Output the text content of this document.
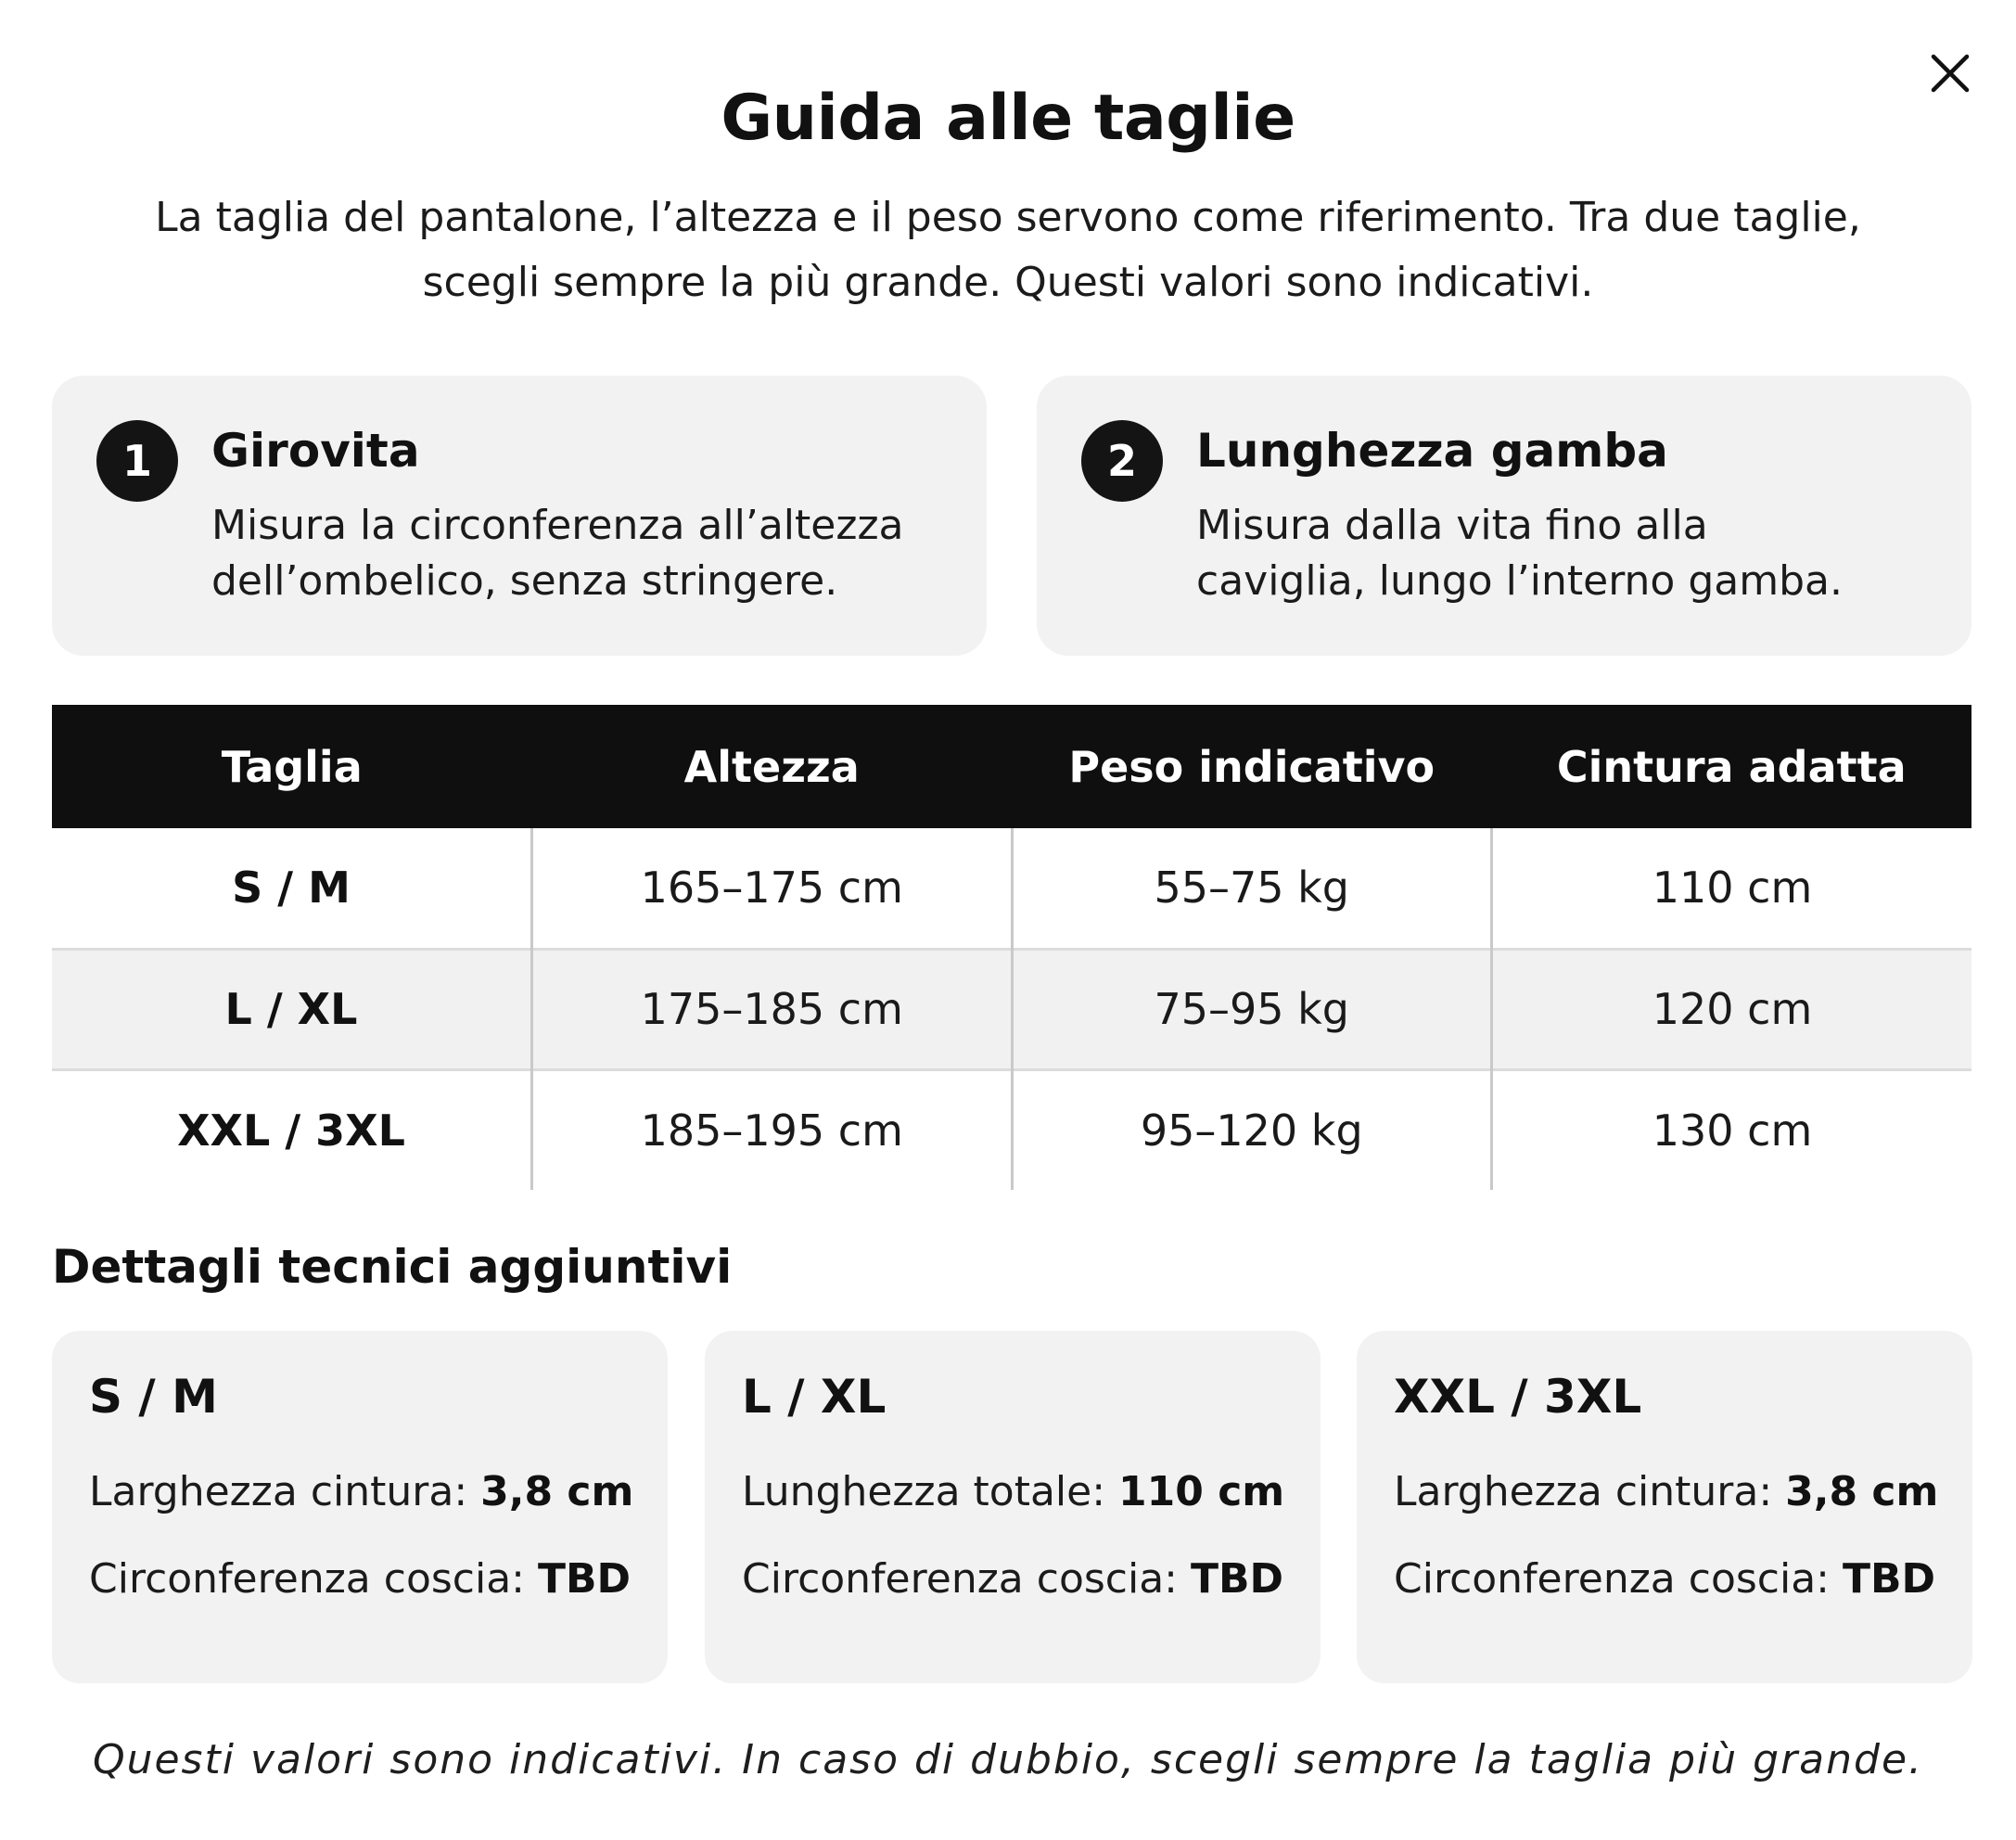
Guida alle taglie

La taglia del pantalone, l’altezza e il peso servono come riferimento. Tra due taglie,
scegli sempre la più grande. Questi valori sono indicativi.

1	Girovita
Misura la circonferenza all’altezza
dell’ombelico, senza stringere.
2	Lunghezza gamba
Misura dalla vita fino alla
caviglia, lungo l’interno gamba.
Taglia	Altezza	Peso indicativo	Cintura adatta
S / M	165–175 cm	55–75 kg	110 cm
L / XL	175–185 cm	75–95 kg	120 cm
XXL / 3XL	185–195 cm	95–120 kg	130 cm
Dettagli tecnici aggiuntivi
S / M
Larghezza cintura: 3,8 cm
Circonferenza coscia: TBD
L / XL
Lunghezza totale: 110 cm
Circonferenza coscia: TBD
XXL / 3XL
Larghezza cintura: 3,8 cm
Circonferenza coscia: TBD

Questi valori sono indicativi. In caso di dubbio, scegli sempre la taglia più grande.
